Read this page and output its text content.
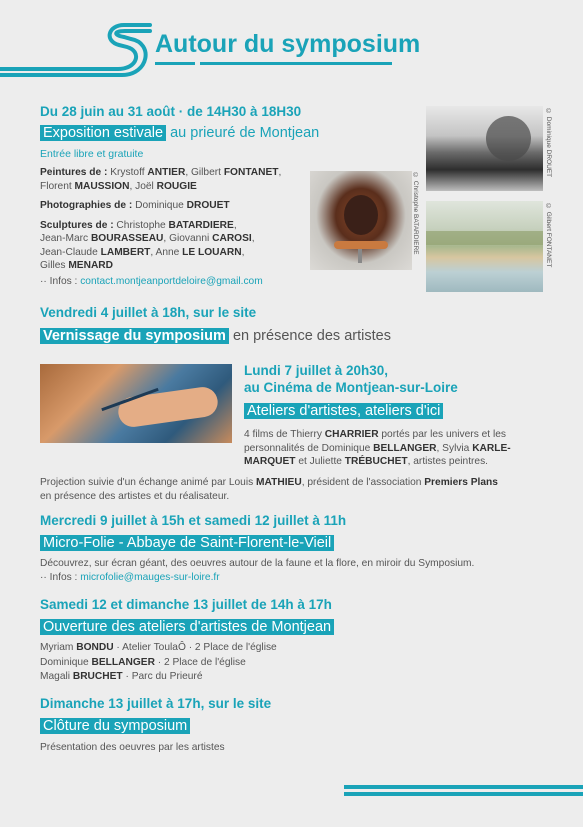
Autour du symposium
Du 28 juin au 31 août · de 14H30 à 18H30
Exposition estivale au prieuré de Montjean
Entrée libre et gratuite
Peintures de : Krystoff ANTIER, Gilbert FONTANET,
Florent MAUSSION, Joël ROUGIE
Photographies de : Dominique DROUET
Sculptures de : Christophe BATARDIERE,
Jean-Marc BOURASSEAU, Giovanni CAROSI,
Jean-Claude LAMBERT, Anne LE LOUARN,
Gilles MENARD
·· Infos : contact.montjeanportdeloire@gmail.com
© Christophe BATARDIERE
© Dominique DROUET
© Gilbert FONTANET
Vendredi 4 juillet à 18h, sur le site
Vernissage du symposium en présence des artistes
Lundi 7 juillet à 20h30,
au Cinéma de Montjean-sur-Loire
Ateliers d'artistes, ateliers d'ici
4 films de Thierry CHARRIER portés par les univers et les
personnalités de Dominique BELLANGER, Sylvia KARLE-
MARQUET et Juliette TRÉBUCHET, artistes peintres.
Projection suivie d'un échange animé par Louis MATHIEU, président de l'association Premiers Plans
en présence des artistes et du réalisateur.
Mercredi 9 juillet à 15h et samedi 12 juillet à 11h
Micro-Folie - Abbaye de Saint-Florent-le-Vieil
Découvrez, sur écran géant, des oeuvres autour de la faune et la flore, en miroir du Symposium.
·· Infos : microfolie@mauges-sur-loire.fr
Samedi 12 et dimanche 13 juillet de 14h à 17h
Ouverture des ateliers d'artistes de Montjean
Myriam BONDU · Atelier ToulaÔ · 2 Place de l'église
Dominique BELLANGER · 2 Place de l'église
Magali BRUCHET · Parc du Prieuré
Dimanche 13 juillet à 17h, sur le site
Clôture du symposium
Présentation des oeuvres par les artistes
